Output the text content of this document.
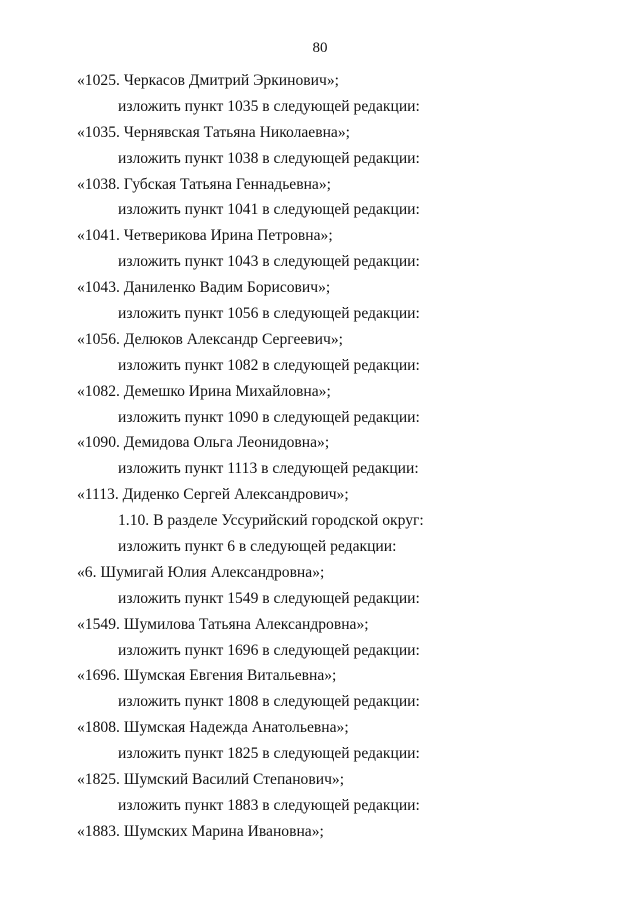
80
«1025. Черкасов Дмитрий Эркинович»;
изложить пункт 1035 в следующей редакции:
«1035. Чернявская Татьяна Николаевна»;
изложить пункт 1038 в следующей редакции:
«1038. Губская Татьяна Геннадьевна»;
изложить пункт 1041 в следующей редакции:
«1041. Четверикова Ирина Петровна»;
изложить пункт 1043 в следующей редакции:
«1043. Даниленко Вадим Борисович»;
изложить пункт 1056 в следующей редакции:
«1056. Делюков Александр Сергеевич»;
изложить пункт 1082 в следующей редакции:
«1082. Демешко Ирина Михайловна»;
изложить пункт 1090 в следующей редакции:
«1090. Демидова Ольга Леонидовна»;
изложить пункт 1113 в следующей редакции:
«1113. Диденко Сергей Александрович»;
1.10. В разделе Уссурийский городской округ:
изложить пункт 6 в следующей редакции:
«6. Шумигай Юлия Александровна»;
изложить пункт 1549 в следующей редакции:
«1549. Шумилова Татьяна Александровна»;
изложить пункт 1696 в следующей редакции:
«1696. Шумская Евгения Витальевна»;
изложить пункт 1808 в следующей редакции:
«1808. Шумская Надежда Анатольевна»;
изложить пункт 1825 в следующей редакции:
«1825. Шумский Василий Степанович»;
изложить пункт 1883 в следующей редакции:
«1883. Шумских Марина Ивановна»;
